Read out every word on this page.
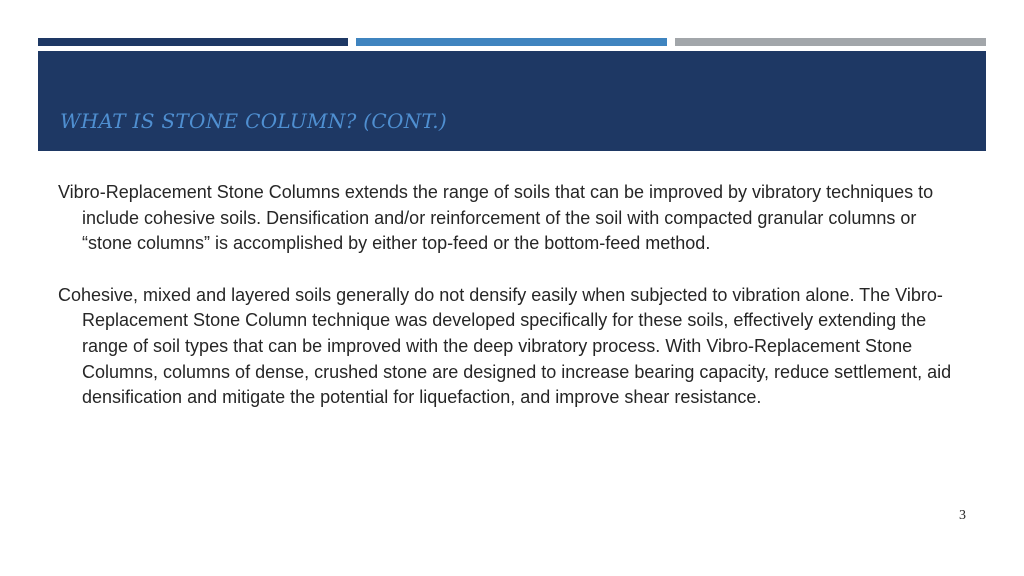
WHAT IS STONE COLUMN? (CONT.)

Vibro-Replacement Stone Columns extends the range of soils that can be improved by vibratory techniques to include cohesive soils. Densification and/or reinforcement of the soil with compacted granular columns or “stone columns” is accomplished by either top-feed or the bottom-feed method.

Cohesive, mixed and layered soils generally do not densify easily when subjected to vibration alone. The Vibro-Replacement Stone Column technique was developed specifically for these soils, effectively extending the range of soil types that can be improved with the deep vibratory process. With Vibro-Replacement Stone Columns, columns of dense, crushed stone are designed to increase bearing capacity, reduce settlement, aid densification and mitigate the potential for liquefaction, and improve shear resistance.

3
